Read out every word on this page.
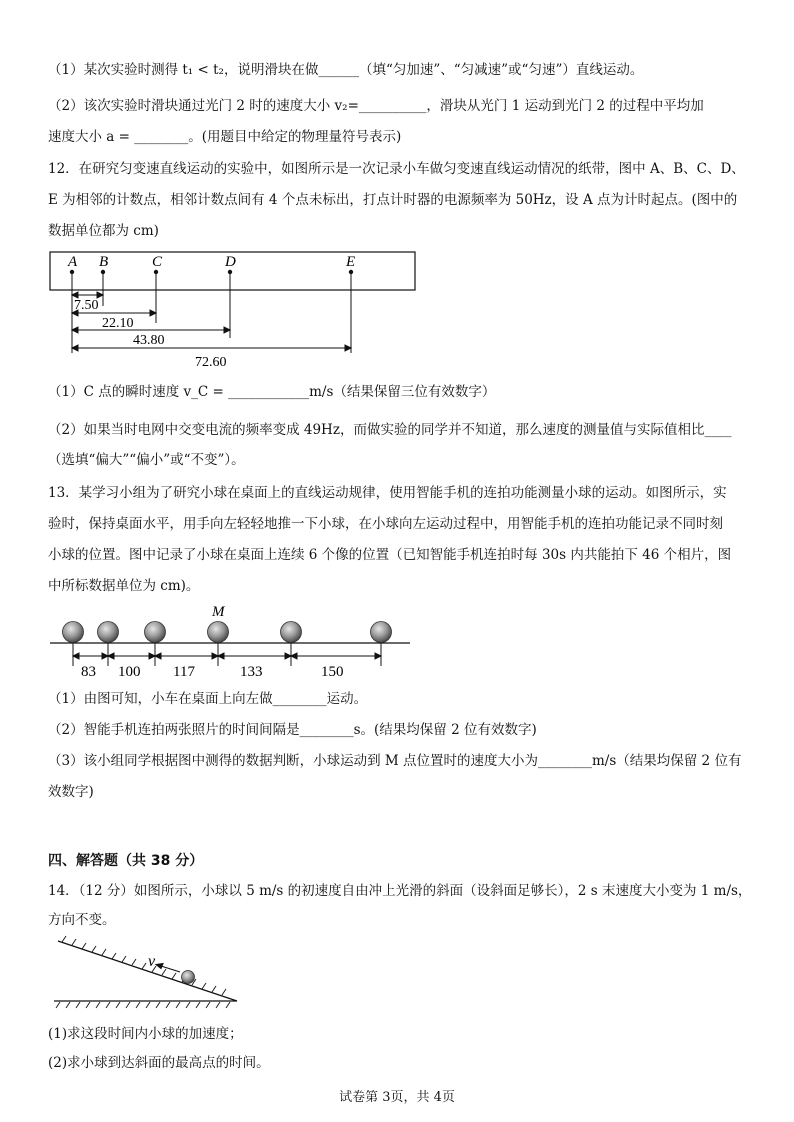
（1）某次实验时测得 t₁ < t₂，说明滑块在做______（填“匀加速”、“匀减速”或“匀速”）直线运动。
（2）该次实验时滑块通过光门 2 时的速度大小 v₂=__________，滑块从光门 1 运动到光门 2 的过程中平均加
速度大小 a = ________。(用题目中给定的物理量符号表示)
12．在研究匀变速直线运动的实验中，如图所示是一次记录小车做匀变速直线运动情况的纸带，图中 A、B、C、D、
E 为相邻的计数点，相邻计数点间有 4 个点未标出，打点计时器的电源频率为 50Hz，设 A 点为计时起点。(图中的
数据单位都为 cm)
A B	C	D	E
7.50
22.10
43.80
72.60
（1）C 点的瞬时速度 v_C = ____________m/s（结果保留三位有效数字）
（2）如果当时电网中交变电流的频率变成 49Hz，而做实验的同学并不知道，那么速度的测量值与实际值相比____
（选填“偏大”“偏小”或“不变”）。
13．某学习小组为了研究小球在桌面上的直线运动规律，使用智能手机的连拍功能测量小球的运动。如图所示，实
验时，保持桌面水平，用手向左轻轻地推一下小球，在小球向左运动过程中，用智能手机的连拍功能记录不同时刻
小球的位置。图中记录了小球在桌面上连续 6 个像的位置（已知智能手机连拍时每 30s 内共能拍下 46 个相片，图
中所标数据单位为 cm)。
M
83 100 117	133	150
（1）由图可知，小车在桌面上向左做________运动。
（2）智能手机连拍两张照片的时间间隔是________s。(结果均保留 2 位有效数字)
（3）该小组同学根据图中测得的数据判断，小球运动到 M 点位置时的速度大小为________m/s（结果均保留 2 位有
效数字)
四、解答题（共 38 分）
14．（12 分）如图所示，小球以 5 m/s 的初速度自由冲上光滑的斜面（设斜面足够长），2 s 末速度大小变为 1 m/s，
方向不变。
v
(1)求这段时间内小球的加速度；
(2)求小球到达斜面的最高点的时间。
试卷第 3页，共 4页
